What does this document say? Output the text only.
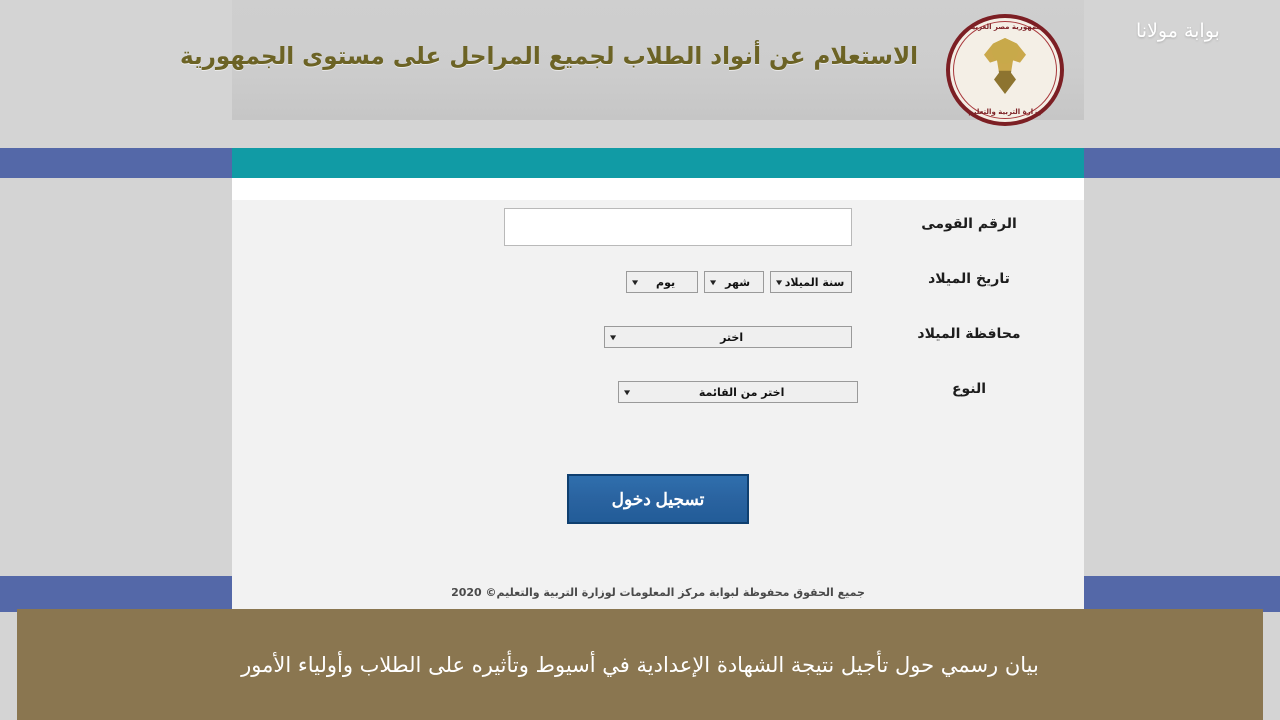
الاستعلام عن أنواد الطلاب لجميع المراحل على مستوى الجمهورية
جمهورية مصر العربية
وزارة التربية والتعليم
بوابة مولانا
الرقم القومى
تاريخ الميلاد
سنة الميلاد
▼
شهر
▼
يوم
▼
محافظة الميلاد
اختر
▼
النوع
اختر من القائمة
▼
تسجيل دخول
جميع الحقوق محفوظة لبوابة مركز المعلومات لوزارة التربية والتعليم© 2020
بيان رسمي حول تأجيل نتيجة الشهادة الإعدادية في أسيوط وتأثيره على الطلاب وأولياء الأمور
